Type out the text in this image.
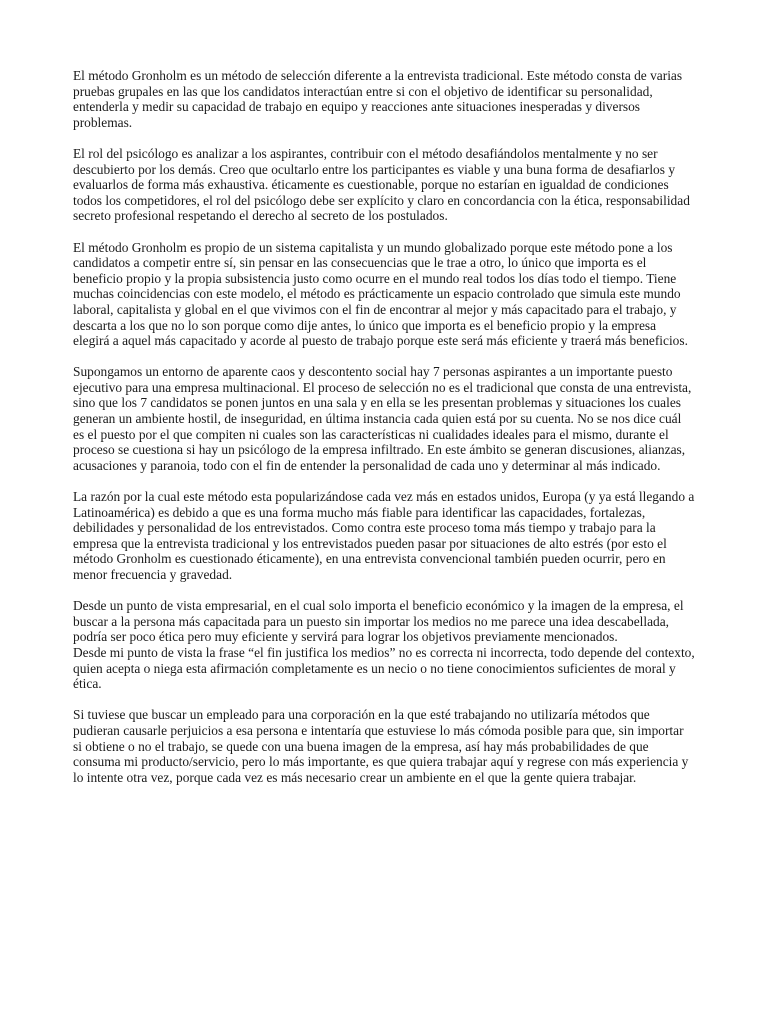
El método Gronholm es un método de selección diferente a la entrevista tradicional. Este método consta de varias pruebas grupales en las que los candidatos interactúan entre si con el objetivo de identificar su personalidad, entenderla y medir su capacidad de trabajo en equipo y reacciones ante situaciones inesperadas y diversos problemas.

El rol del psicólogo es analizar a los aspirantes, contribuir con el método desafiándolos mentalmente y no ser descubierto por los demás. Creo que ocultarlo entre los participantes es viable y una buna forma de desafiarlos y evaluarlos de forma más exhaustiva. éticamente es cuestionable, porque no estarían en igualdad de condiciones todos los competidores, el rol del psicólogo debe ser explícito y claro en concordancia con la ética, responsabilidad secreto profesional respetando el derecho al secreto de los postulados.

El método Gronholm es propio de un sistema capitalista y un mundo globalizado porque este método pone a los candidatos a competir entre sí, sin pensar en las consecuencias que le trae a otro, lo único que importa es el beneficio propio y la propia subsistencia justo como ocurre en el mundo real todos los días todo el tiempo. Tiene muchas coincidencias con este modelo, el método es prácticamente un espacio controlado que simula este mundo laboral, capitalista y global en el que vivimos con el fin de encontrar al mejor y más capacitado para el trabajo, y descarta a los que no lo son porque como dije antes, lo único que importa es el beneficio propio y la empresa elegirá a aquel más capacitado y acorde al puesto de trabajo porque este será más eficiente y traerá más beneficios.

Supongamos un entorno de aparente caos y descontento social hay 7 personas aspirantes a un importante puesto ejecutivo para una empresa multinacional. El proceso de selección no es el tradicional que consta de una entrevista, sino que los 7 candidatos se ponen juntos en una sala y en ella se les presentan problemas y situaciones los cuales generan un ambiente hostil, de inseguridad, en última instancia cada quien está por su cuenta. No se nos dice cuál es el puesto por el que compiten ni cuales son las características ni cualidades ideales para el mismo, durante el proceso se cuestiona si hay un psicólogo de la empresa infiltrado. En este ámbito se generan discusiones, alianzas, acusaciones y paranoia, todo con el fin de entender la personalidad de cada uno y determinar al más indicado.

La razón por la cual este método esta popularizándose cada vez más en estados unidos, Europa (y ya está llegando a Latinoamérica) es debido a que es una forma mucho más fiable para identificar las capacidades, fortalezas, debilidades y personalidad de los entrevistados. Como contra este proceso toma más tiempo y trabajo para la empresa que la entrevista tradicional y los entrevistados pueden pasar por situaciones de alto estrés (por esto el método Gronholm es cuestionado éticamente), en una entrevista convencional también pueden ocurrir, pero en menor frecuencia y gravedad.

Desde un punto de vista empresarial, en el cual solo importa el beneficio económico y la imagen de la empresa, el buscar a la persona más capacitada para un puesto sin importar los medios no me parece una idea descabellada, podría ser poco ética pero muy eficiente y servirá para lograr los objetivos previamente mencionados.

Desde mi punto de vista la frase “el fin justifica los medios” no es correcta ni incorrecta, todo depende del contexto, quien acepta o niega esta afirmación completamente es un necio o no tiene conocimientos suficientes de moral y ética.

Si tuviese que buscar un empleado para una corporación en la que esté trabajando no utilizaría métodos que pudieran causarle perjuicios a esa persona e intentaría que estuviese lo más cómoda posible para que, sin importar si obtiene o no el trabajo, se quede con una buena imagen de la empresa, así hay más probabilidades de que consuma mi producto/servicio, pero lo más importante, es que quiera trabajar aquí y regrese con más experiencia y lo intente otra vez, porque cada vez es más necesario crear un ambiente en el que la gente quiera trabajar.
